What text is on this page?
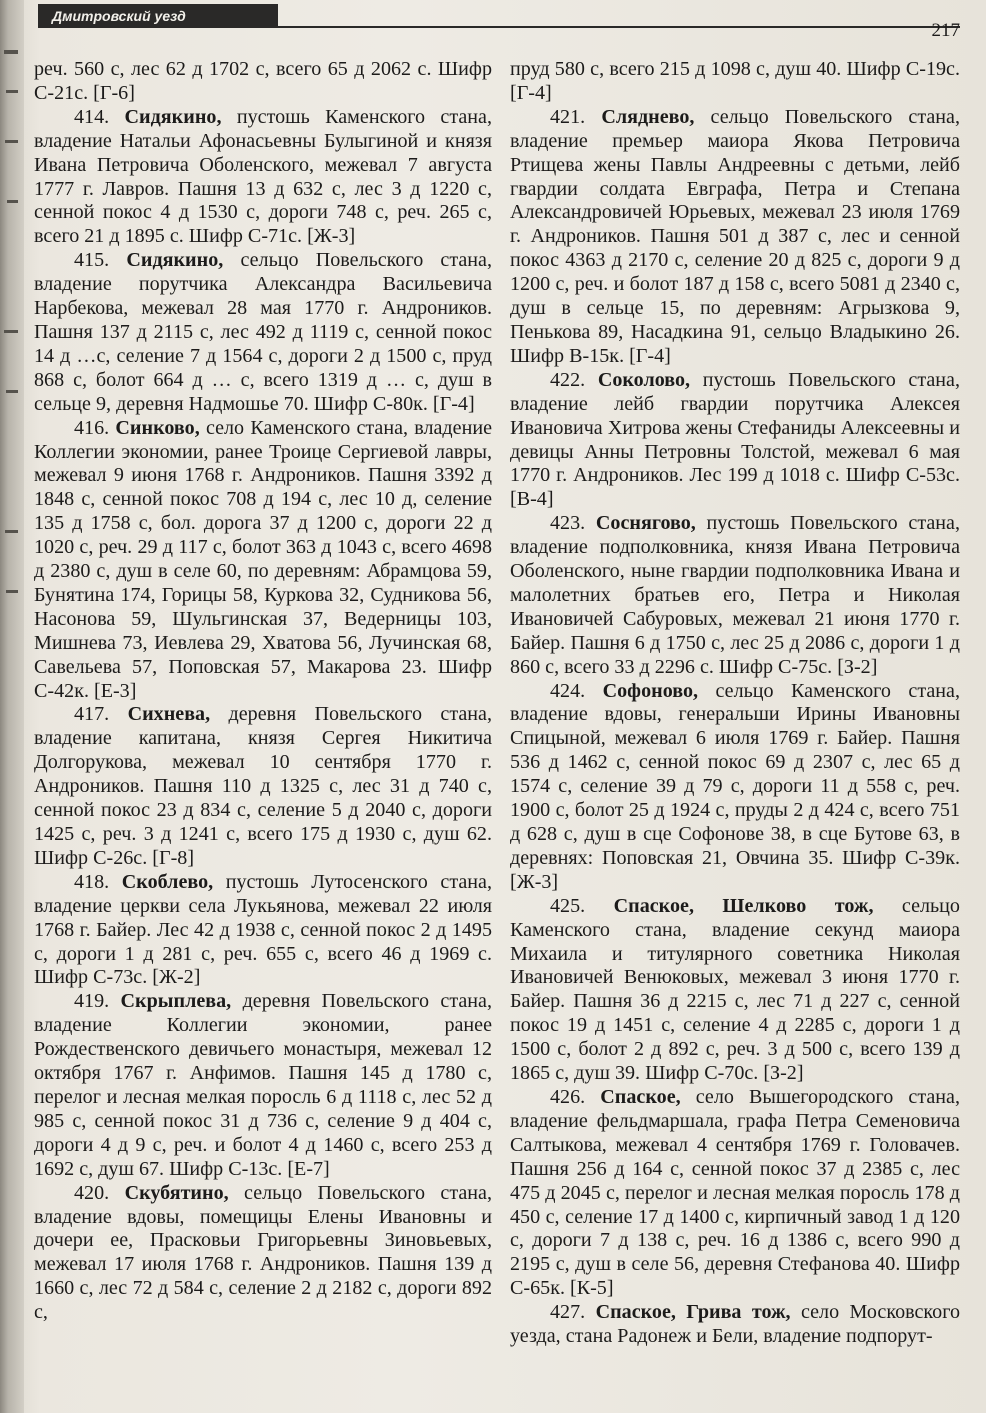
Дмитровский уезд
217

реч. 560 с, лес 62 д 1702 с, всего 65 д 2062 с. Шифр С-21с. [Г-6]

414. Сидякино, пустошь Каменского стана, владение Натальи Афонасьевны Булыгиной и князя Ивана Петровича Оболенского, межевал 7 августа 1777 г. Лавров. Пашня 13 д 632 с, лес 3 д 1220 с, сенной покос 4 д 1530 с, дороги 748 с, реч. 265 с, всего 21 д 1895 с. Шифр С-71с. [Ж-3]

415. Сидякино, сельцо Повельского стана, владение порутчика Александра Васильевича Нарбекова, межевал 28 мая 1770 г. Андроников. Пашня 137 д 2115 с, лес 492 д 1119 с, сенной покос 14 д …с, селение 7 д 1564 с, дороги 2 д 1500 с, пруд 868 с, болот 664 д … с, всего 1319 д … с, душ в сельце 9, деревня Надмошье 70. Шифр С-80к. [Г-4]

416. Синково, село Каменского стана, владение Коллегии экономии, ранее Троице Сергиевой лавры, межевал 9 июня 1768 г. Андроников. Пашня 3392 д 1848 с, сенной покос 708 д 194 с, лес 10 д, селение 135 д 1758 с, бол. дорога 37 д 1200 с, дороги 22 д 1020 с, реч. 29 д 117 с, болот 363 д 1043 с, всего 4698 д 2380 с, душ в селе 60, по деревням: Абрамцова 59, Бунятина 174, Горицы 58, Куркова 32, Судникова 56, Насонова 59, Шульгинская 37, Ведерницы 103, Мишнева 73, Иевлева 29, Хватова 56, Лучинская 68, Савельева 57, Поповская 57, Макарова 23. Шифр С-42к. [Е-3]

417. Сихнева, деревня Повельского стана, владение капитана, князя Сергея Никитича Долгорукова, межевал 10 сентября 1770 г. Андроников. Пашня 110 д 1325 с, лес 31 д 740 с, сенной покос 23 д 834 с, селение 5 д 2040 с, дороги 1425 с, реч. 3 д 1241 с, всего 175 д 1930 с, душ 62. Шифр С-26с. [Г-8]

418. Скоблево, пустошь Лутосенского стана, владение церкви села Лукьянова, межевал 22 июля 1768 г. Байер. Лес 42 д 1938 с, сенной покос 2 д 1495 с, дороги 1 д 281 с, реч. 655 с, всего 46 д 1969 с. Шифр С-73с. [Ж-2]

419. Скрыплева, деревня Повельского стана, владение Коллегии экономии, ранее Рождественского девичьего монастыря, межевал 12 октября 1767 г. Анфимов. Пашня 145 д 1780 с, перелог и лесная мелкая поросль 6 д 1118 с, лес 52 д 985 с, сенной покос 31 д 736 с, селение 9 д 404 с, дороги 4 д 9 с, реч. и болот 4 д 1460 с, всего 253 д 1692 с, душ 67. Шифр С-13с. [Е-7]

420. Скубятино, сельцо Повельского стана, владение вдовы, помещицы Елены Ивановны и дочери ее, Прасковьи Григорьевны Зиновьевых, межевал 17 июля 1768 г. Андроников. Пашня 139 д 1660 с, лес 72 д 584 с, селение 2 д 2182 с, дороги 892 с,

пруд 580 с, всего 215 д 1098 с, душ 40. Шифр С-19с. [Г-4]

421. Сляднево, сельцо Повельского стана, владение премьер маиора Якова Петровича Ртищева жены Павлы Андреевны с детьми, лейб гвардии солдата Евграфа, Петра и Степана Александровичей Юрьевых, межевал 23 июля 1769 г. Андроников. Пашня 501 д 387 с, лес и сенной покос 4363 д 2170 с, селение 20 д 825 с, дороги 9 д 1200 с, реч. и болот 187 д 158 с, всего 5081 д 2340 с, душ в сельце 15, по деревням: Агрызкова 9, Пенькова 89, Насадкина 91, сельцо Владыкино 26. Шифр В-15к. [Г-4]

422. Соколово, пустошь Повельского стана, владение лейб гвардии порутчика Алексея Ивановича Хитрова жены Стефаниды Алексеевны и девицы Анны Петровны Толстой, межевал 6 мая 1770 г. Андроников. Лес 199 д 1018 с. Шифр С-53с. [В-4]

423. Соснягово, пустошь Повельского стана, владение подполковника, князя Ивана Петровича Оболенского, ныне гвардии подполковника Ивана и малолетних братьев его, Петра и Николая Ивановичей Сабуровых, межевал 21 июня 1770 г. Байер. Пашня 6 д 1750 с, лес 25 д 2086 с, дороги 1 д 860 с, всего 33 д 2296 с. Шифр С-75с. [З-2]

424. Софоново, сельцо Каменского стана, владение вдовы, генеральши Ирины Ивановны Спицыной, межевал 6 июля 1769 г. Байер. Пашня 536 д 1462 с, сенной покос 69 д 2307 с, лес 65 д 1574 с, селение 39 д 79 с, дороги 11 д 558 с, реч. 1900 с, болот 25 д 1924 с, пруды 2 д 424 с, всего 751 д 628 с, душ в сце Софонове 38, в сце Бутове 63, в деревнях: Поповская 21, Овчина 35. Шифр С-39к. [Ж-3]

425. Спаское, Шелково тож, сельцо Каменского стана, владение секунд маиора Михаила и титулярного советника Николая Ивановичей Венюковых, межевал 3 июня 1770 г. Байер. Пашня 36 д 2215 с, лес 71 д 227 с, сенной покос 19 д 1451 с, селение 4 д 2285 с, дороги 1 д 1500 с, болот 2 д 892 с, реч. 3 д 500 с, всего 139 д 1865 с, душ 39. Шифр С-70с. [З-2]

426. Спаское, село Вышегородского стана, владение фельдмаршала, графа Петра Семеновича Салтыкова, межевал 4 сентября 1769 г. Головачев. Пашня 256 д 164 с, сенной покос 37 д 2385 с, лес 475 д 2045 с, перелог и лесная мелкая поросль 178 д 450 с, селение 17 д 1400 с, кирпичный завод 1 д 120 с, дороги 7 д 138 с, реч. 16 д 1386 с, всего 990 д 2195 с, душ в селе 56, деревня Стефанова 40. Шифр С-65к. [К-5]

427. Спаское, Грива тож, село Московского уезда, стана Радонеж и Бели, владение подпорут-
